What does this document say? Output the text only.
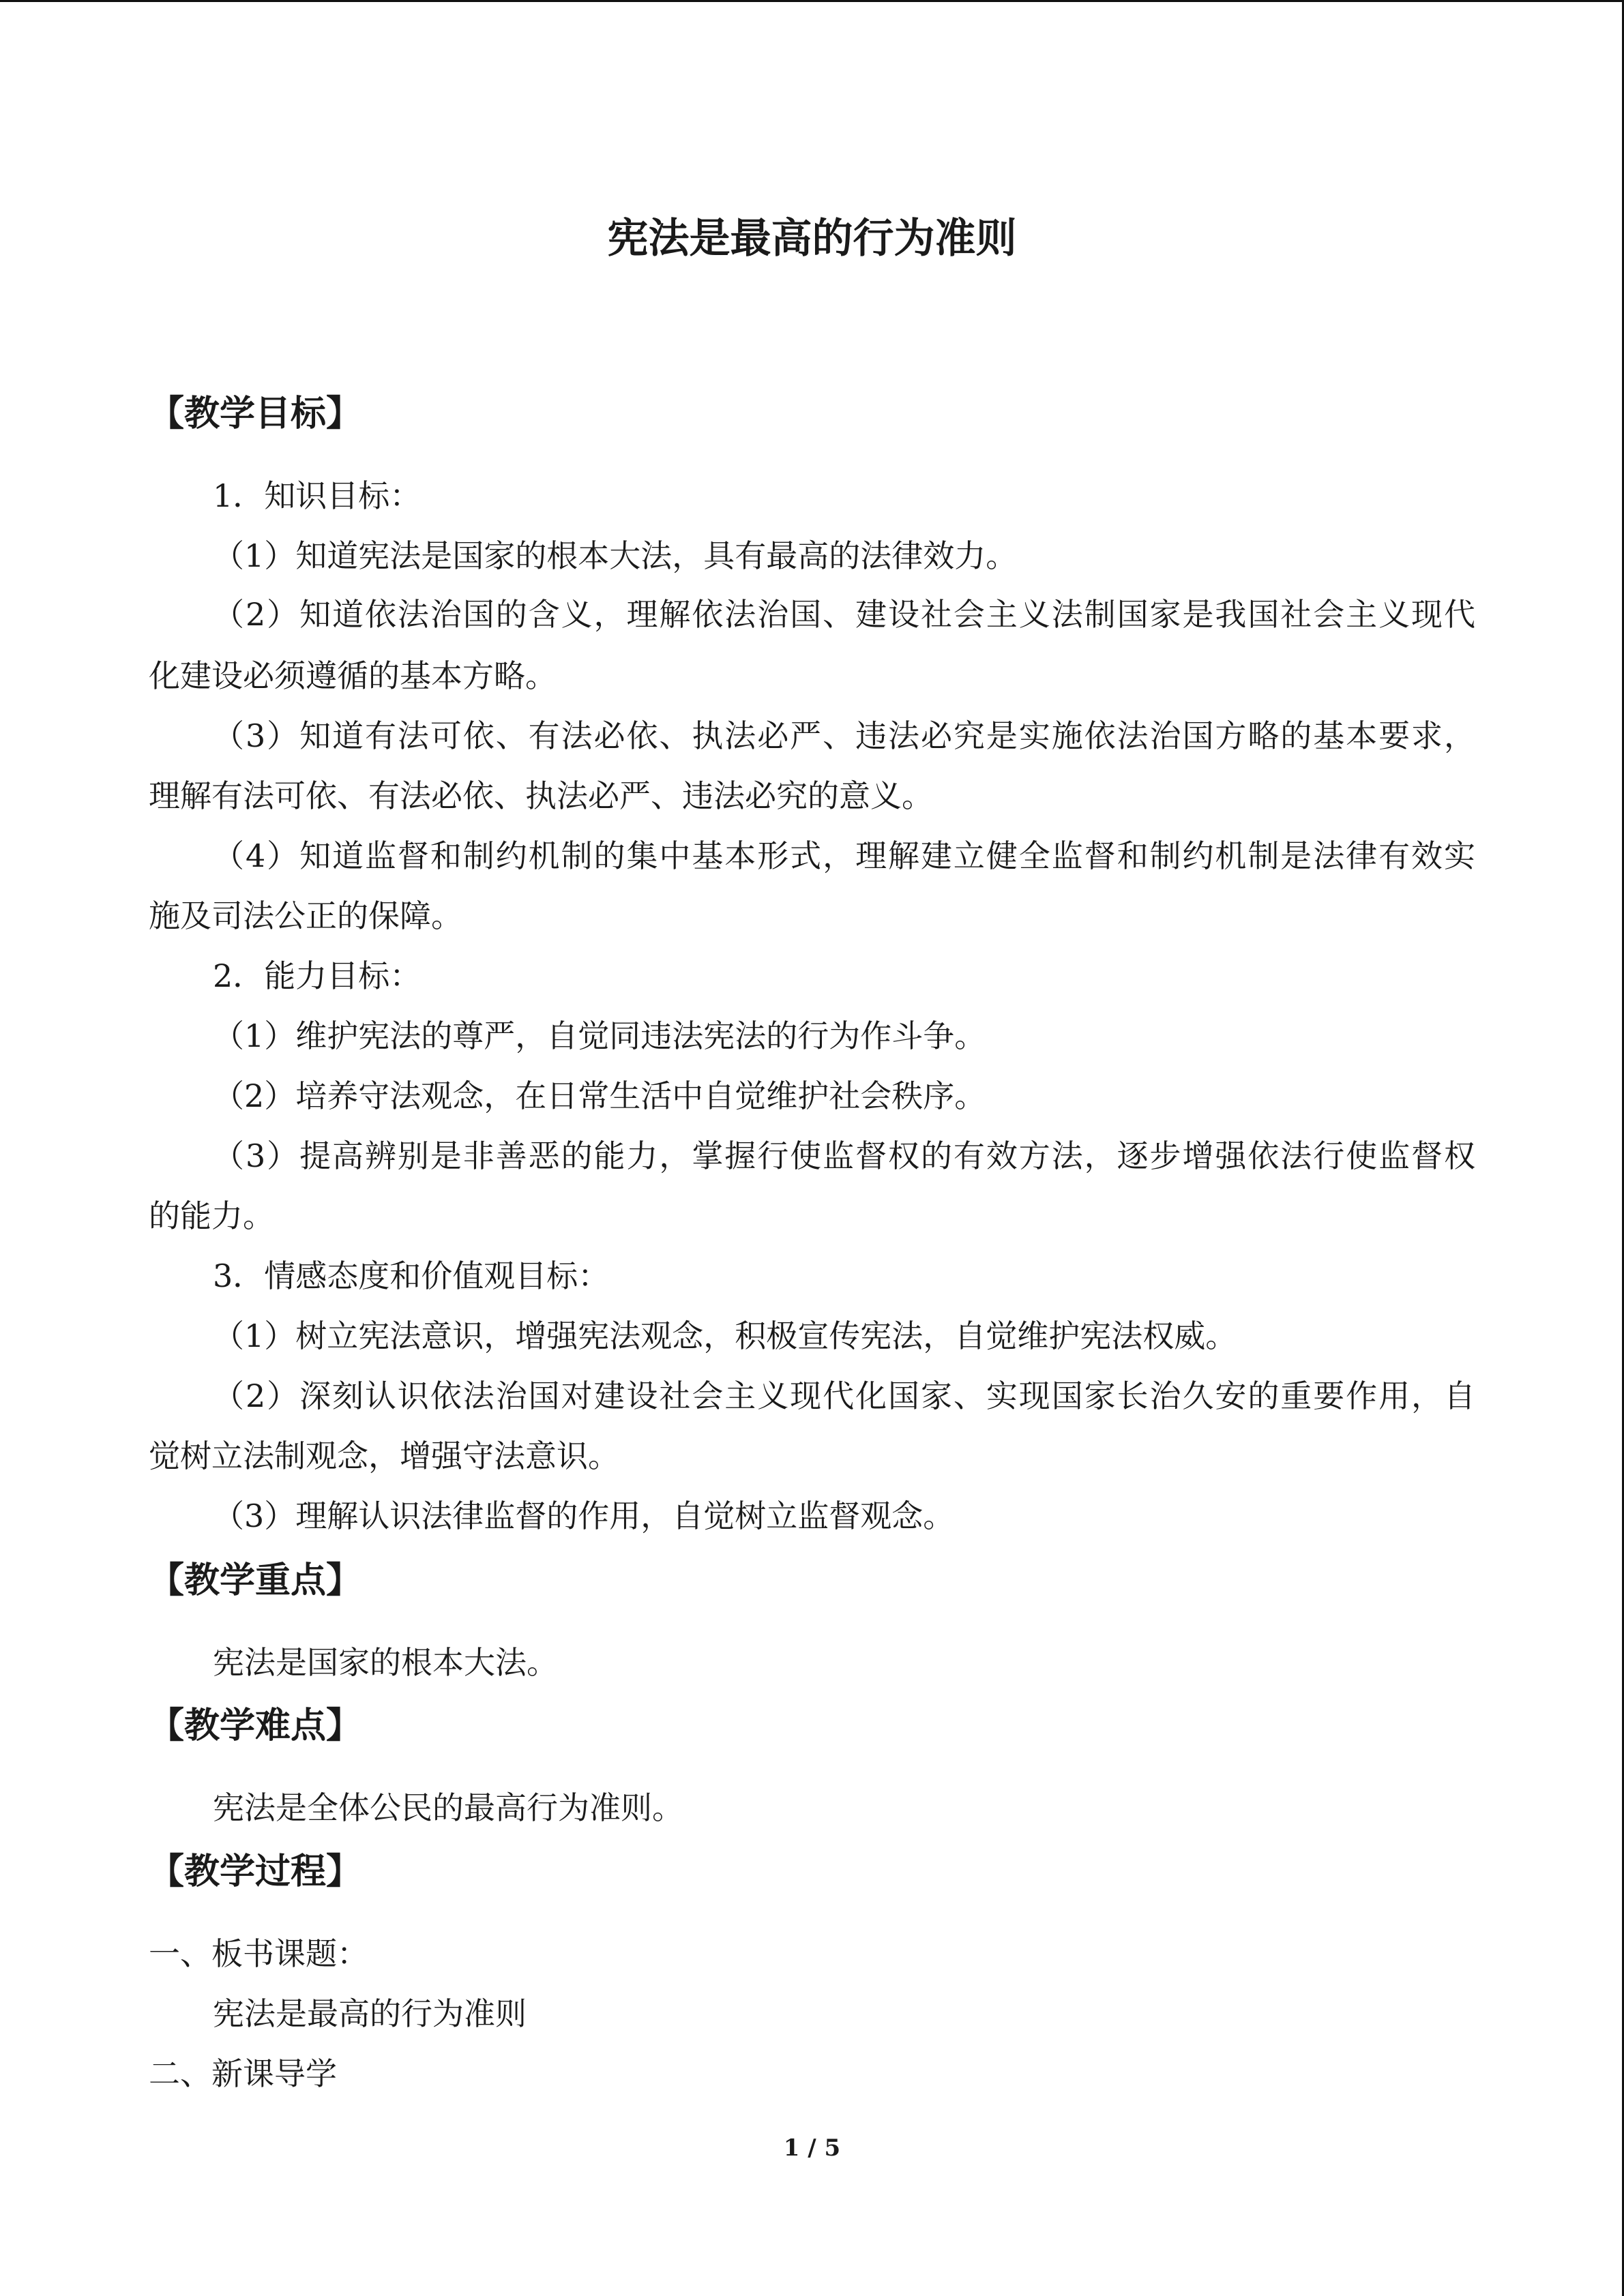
宪法是最高的行为准则
【教学目标】
1．知识目标：
（1）知道宪法是国家的根本大法，具有最高的法律效力。
（2）知道依法治国的含义，理解依法治国、建设社会主义法制国家是我国社会主义现代
化建设必须遵循的基本方略。
（3）知道有法可依、有法必依、执法必严、违法必究是实施依法治国方略的基本要求，
理解有法可依、有法必依、执法必严、违法必究的意义。
（4）知道监督和制约机制的集中基本形式，理解建立健全监督和制约机制是法律有效实
施及司法公正的保障。
2．能力目标：
（1）维护宪法的尊严，自觉同违法宪法的行为作斗争。
（2）培养守法观念，在日常生活中自觉维护社会秩序。
（3）提高辨别是非善恶的能力，掌握行使监督权的有效方法，逐步增强依法行使监督权
的能力。
3．情感态度和价值观目标：
（1）树立宪法意识，增强宪法观念，积极宣传宪法，自觉维护宪法权威。
（2）深刻认识依法治国对建设社会主义现代化国家、实现国家长治久安的重要作用，自
觉树立法制观念，增强守法意识。
（3）理解认识法律监督的作用，自觉树立监督观念。
【教学重点】
宪法是国家的根本大法。
【教学难点】
宪法是全体公民的最高行为准则。
【教学过程】
一、板书课题：
宪法是最高的行为准则
二、新课导学
1 / 5
